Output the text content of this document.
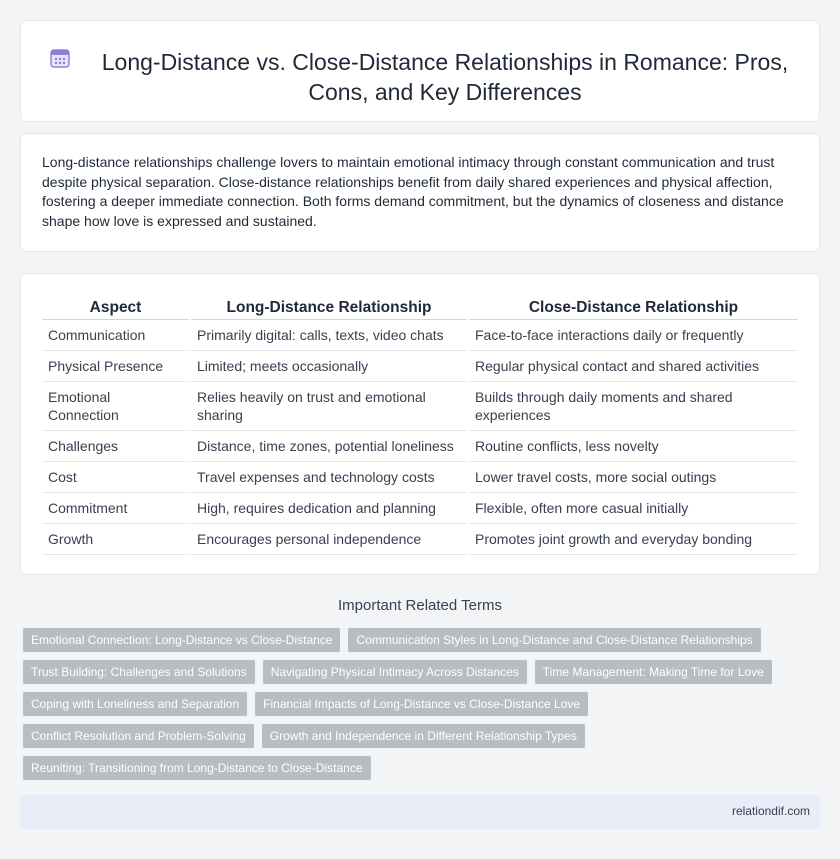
Long-Distance vs. Close-Distance Relationships in Romance: Pros, Cons, and Key Differences

Long-distance relationships challenge lovers to maintain emotional intimacy through constant communication and trust despite physical separation. Close-distance relationships benefit from daily shared experiences and physical affection, fostering a deeper immediate connection. Both forms demand commitment, but the dynamics of closeness and distance shape how love is expressed and sustained.

Aspect	Long-Distance Relationship	Close-Distance Relationship
Communication	Primarily digital: calls, texts, video chats	Face-to-face interactions daily or frequently
Physical Presence	Limited; meets occasionally	Regular physical contact and shared activities
Emotional Connection	Relies heavily on trust and emotional sharing	Builds through daily moments and shared experiences
Challenges	Distance, time zones, potential loneliness	Routine conflicts, less novelty
Cost	Travel expenses and technology costs	Lower travel costs, more social outings
Commitment	High, requires dedication and planning	Flexible, often more casual initially
Growth	Encourages personal independence	Promotes joint growth and everyday bonding
Important Related Terms
Emotional Connection: Long-Distance vs Close-Distance	Communication Styles in Long-Distance and Close-Distance Relationships
Trust Building: Challenges and Solutions	Navigating Physical Intimacy Across Distances	Time Management: Making Time for Love
Coping with Loneliness and Separation	Financial Impacts of Long-Distance vs Close-Distance Love
Conflict Resolution and Problem-Solving	Growth and Independence in Different Relationship Types
Reuniting: Transitioning from Long-Distance to Close-Distance
relationdif.com
